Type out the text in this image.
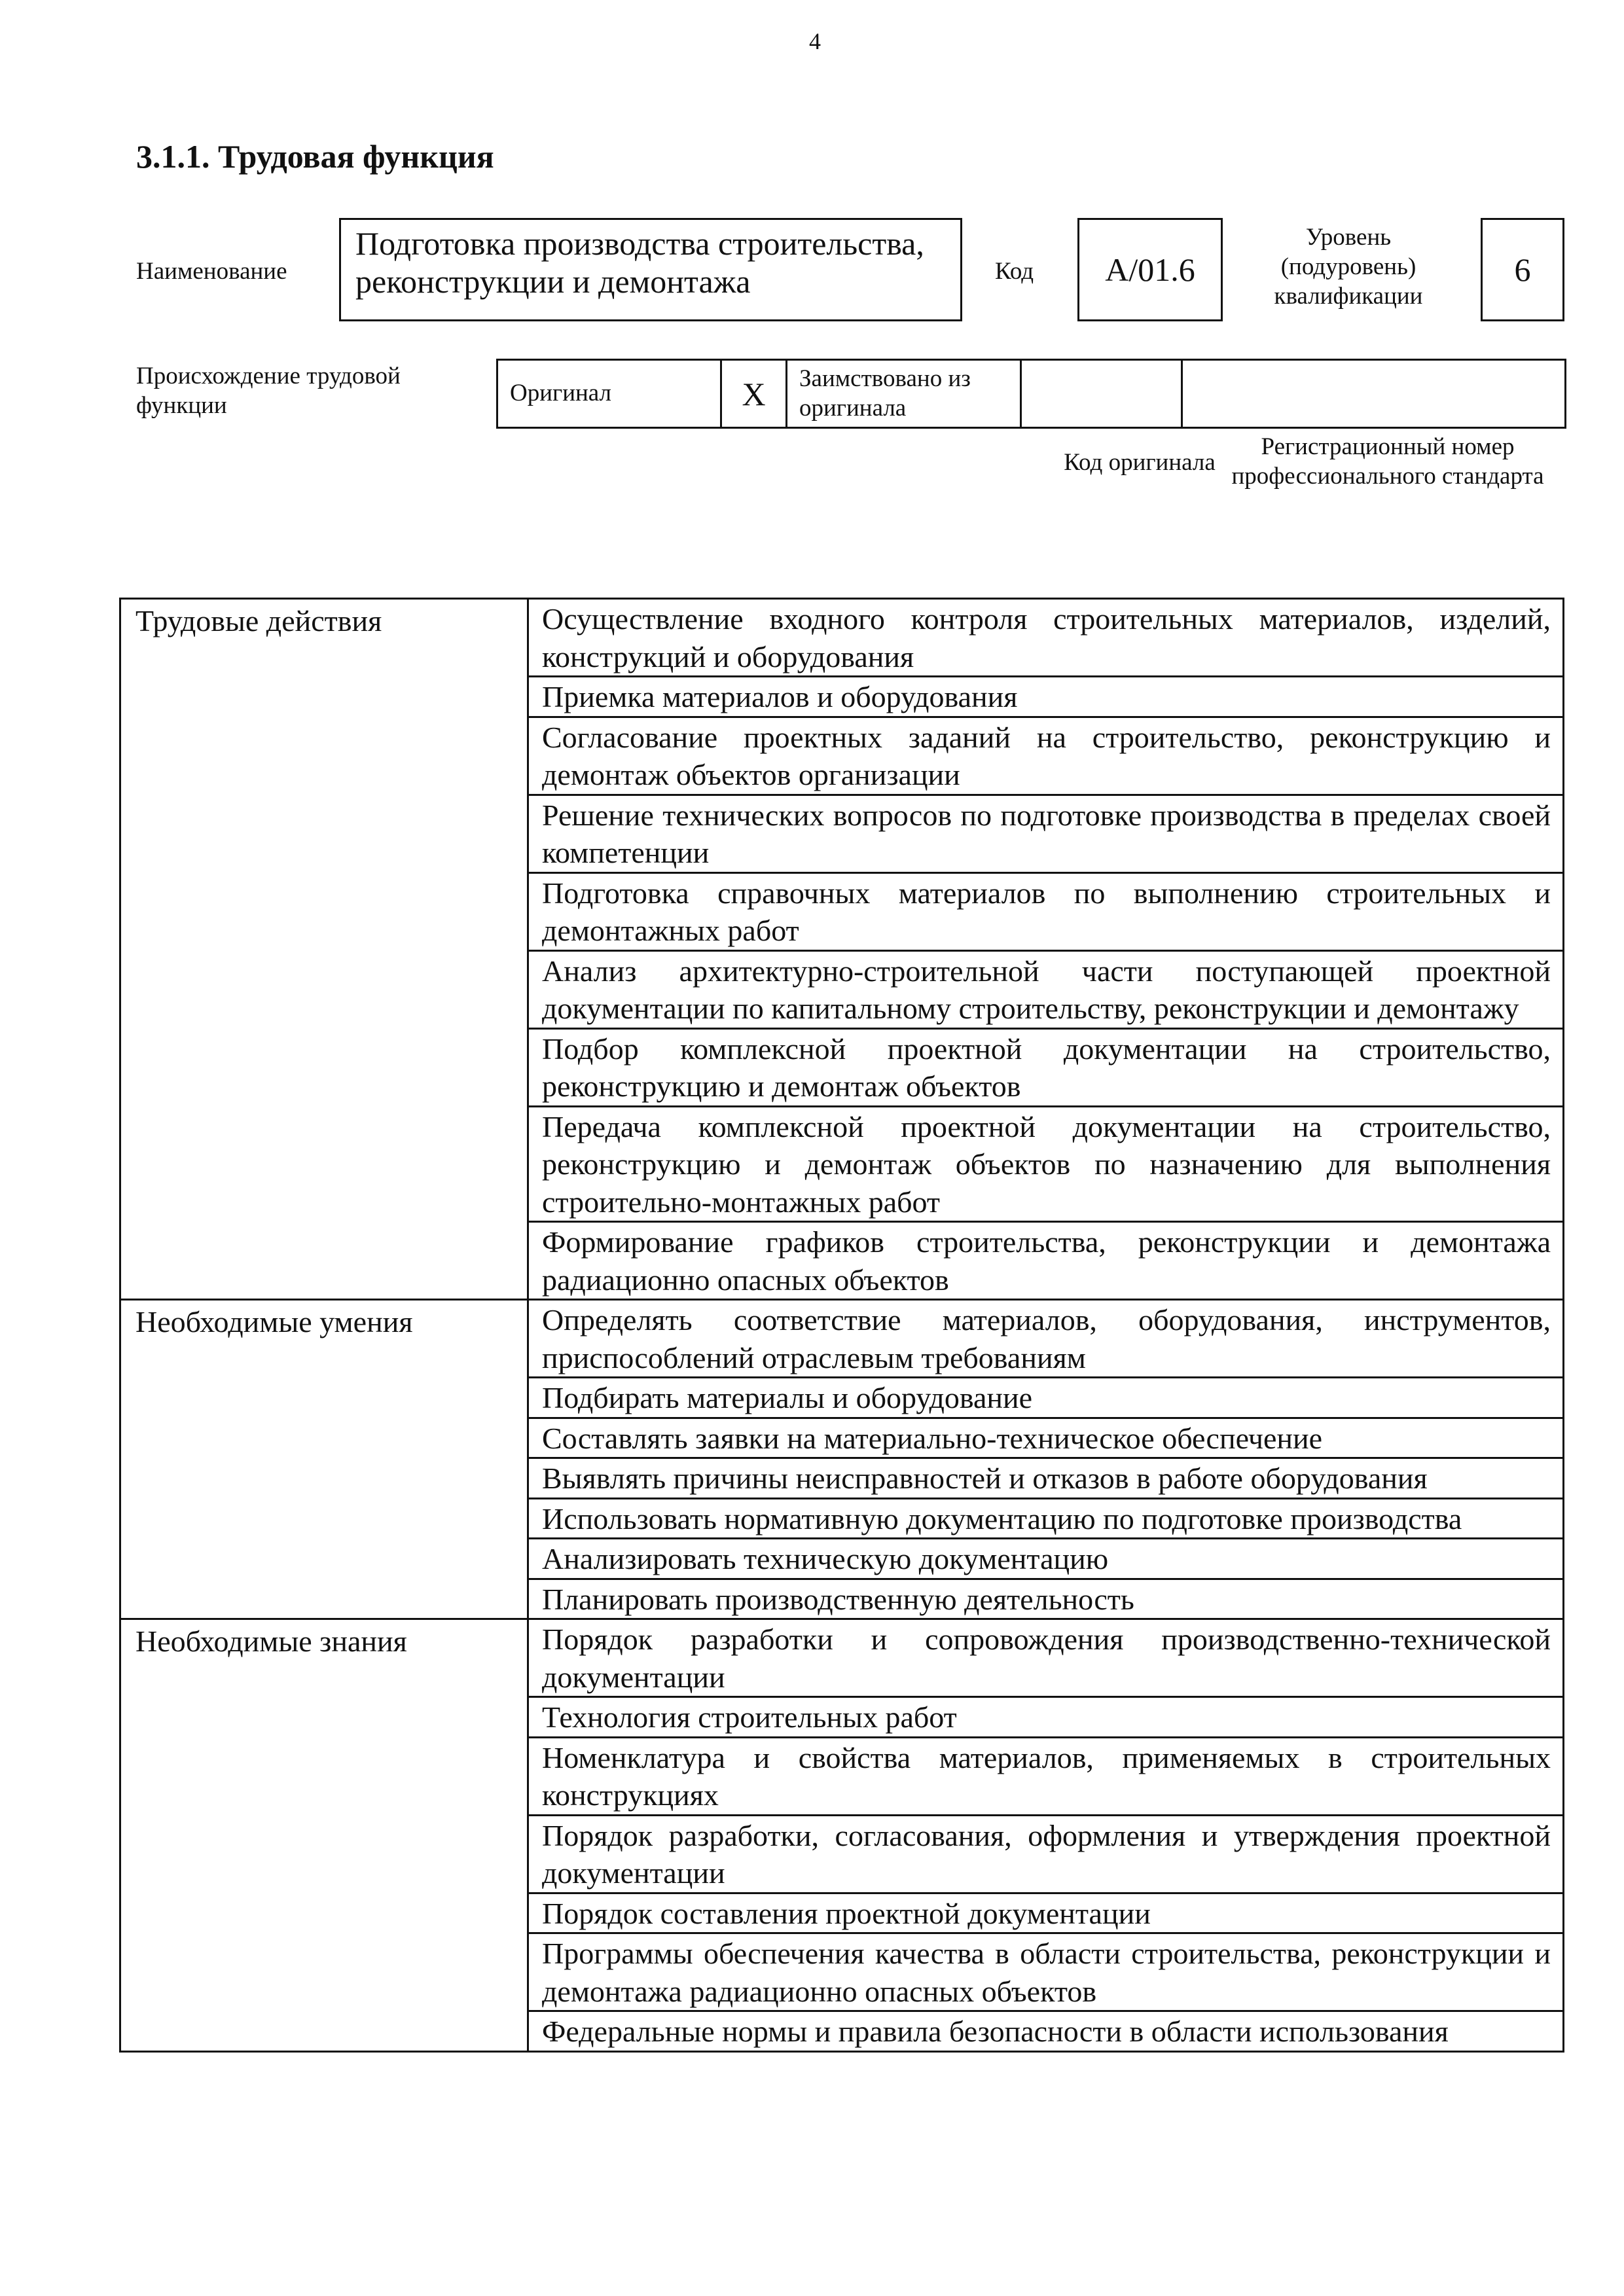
4
3.1.1. Трудовая функция
Наименование
Подготовка производства строительства, реконструкции и демонтажа	Код А/01.6
Уровень (подуровень) квалификации
6
Происхождение трудовой функции	Оригинал	X	Заимствовано из оригинала		
Код оригинала
Регистрационный номер профессионального стандарта
Трудовые действия	Осуществление входного контроля строительных материалов, изделий, конструкций и оборудования

	Приемка материалов и оборудования

	Согласование проектных заданий на строительство, реконструкцию и демонтаж объектов организации

	Решение технических вопросов по подготовке производства в пределах своей компетенции

	Подготовка справочных материалов по выполнению строительных и демонтажных работ

	Анализ архитектурно-строительной части поступающей проектной документации по капитальному строительству, реконструкции и демонтажу

	Подбор комплексной проектной документации на строительство, реконструкцию и демонтаж объектов

	Передача комплексной проектной документации на строительство, реконструкцию и демонтаж объектов по назначению для выполнения строительно-монтажных работ

	Формирование графиков строительства, реконструкции и демонтажа радиационно опасных объектов

Необходимые умения	Определять соответствие материалов, оборудования, инструментов, приспособлений отраслевым требованиям

	Подбирать материалы и оборудование

	Составлять заявки на материально-техническое обеспечение

	Выявлять причины неисправностей и отказов в работе оборудования

	Использовать нормативную документацию по подготовке производства

	Анализировать техническую документацию

	Планировать производственную деятельность

Необходимые знания	Порядок разработки и сопровождения производственно-технической документации

	Технология строительных работ

	Номенклатура и свойства материалов, применяемых в строительных конструкциях

	Порядок разработки, согласования, оформления и утверждения проектной документации

	Порядок составления проектной документации

	Программы обеспечения качества в области строительства, реконструкции и демонтажа радиационно опасных объектов

	Федеральные нормы и правила безопасности в области использования
